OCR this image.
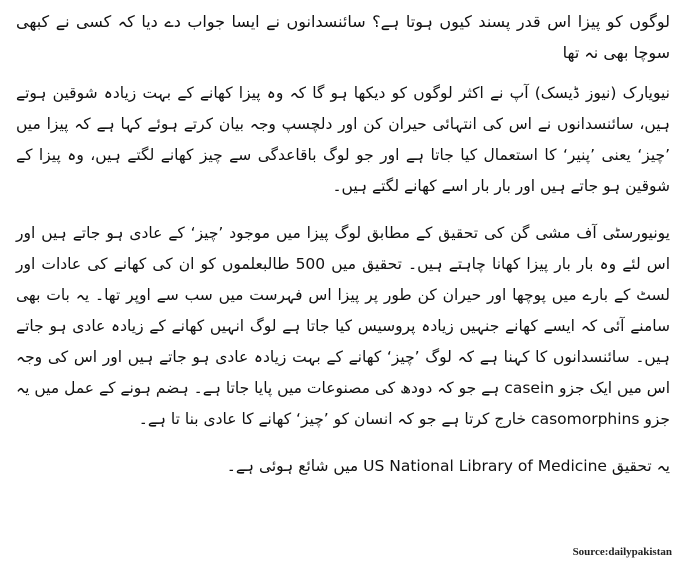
لوگوں کو پیزا اس قدر پسند کیوں ہوتا ہے؟ سائنسدانوں نے ایسا جواب دے دیا کہ کسی نے کبھی سوچا بھی نہ تھا

نیویارک (نیوز ڈیسک) آپ نے اکثر لوگوں کو دیکھا ہو گا کہ وہ پیزا کھانے کے بہت زیادہ شوقین ہوتے ہیں، سائنسدانوں نے اس کی انتہائی حیران کن اور دلچسپ وجہ بیان کرتے ہوئے کہا ہے کہ پیزا میں ’چیز‘ یعنی ’پنیر‘ کا استعمال کیا جاتا ہے اور جو لوگ باقاعدگی سے چیز کھانے لگتے ہیں، وہ پیزا کے شوقین ہو جاتے ہیں اور بار بار اسے کھانے لگتے ہیں۔

یونیورسٹی آف مشی گن کی تحقیق کے مطابق لوگ پیزا میں موجود ’چیز‘ کے عادی ہو جاتے ہیں اور اس لئے وہ بار بار پیزا کھانا چاہتے ہیں۔ تحقیق میں 500 طالبعلموں کو ان کی کھانے کی عادات اور لسٹ کے بارے میں پوچھا اور حیران کن طور پر پیزا اس فہرست میں سب سے اوپر تھا۔ یہ بات بھی سامنے آئی کہ ایسے کھانے جنہیں زیادہ پروسیس کیا جاتا ہے لوگ انہیں کھانے کے زیادہ عادی ہو جاتے ہیں۔ سائنسدانوں کا کہنا ہے کہ لوگ ’چیز‘ کھانے کے بہت زیادہ عادی ہو جاتے ہیں اور اس کی وجہ اس میں ایک جزو casein ہے جو کہ دودھ کی مصنوعات میں پایا جاتا ہے۔ ہضم ہونے کے عمل میں یہ جزو casomorphins خارج کرتا ہے جو کہ انسان کو ’چیز‘ کھانے کا عادی بنا تا ہے۔

یہ تحقیق US National Library of Medicine میں شائع ہوئی ہے۔

Source:dailypakistan
